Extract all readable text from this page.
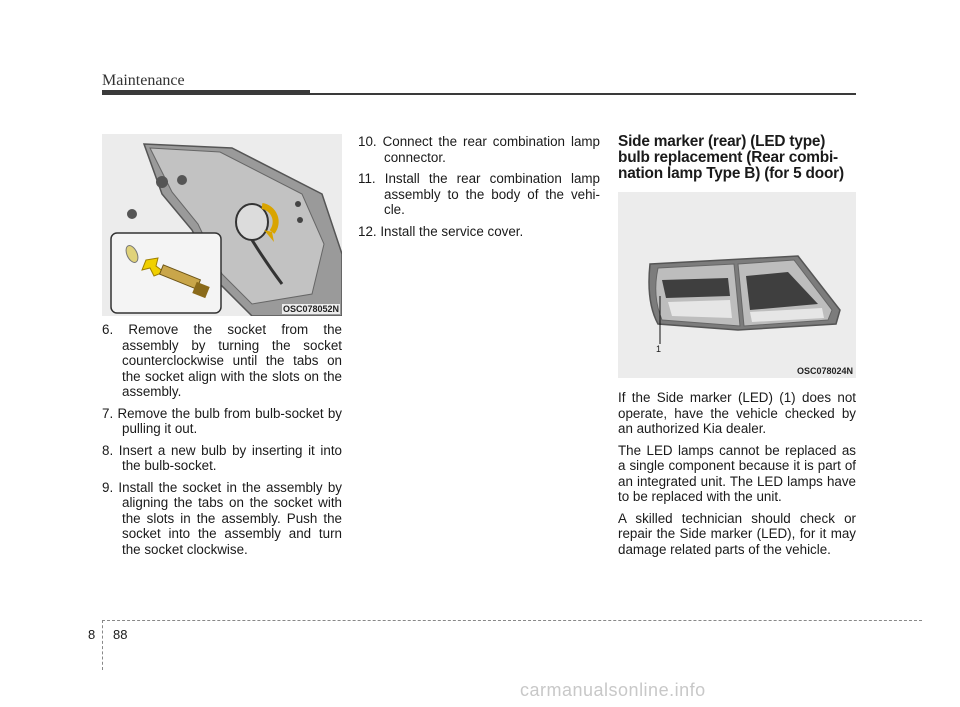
Maintenance
OSC078052N

6. Remove the socket from the assembly by turning the socket counterclockwise until the tabs on the socket align with the slots on the assembly.

7. Remove the bulb from bulb-socket by pulling it out.

8. Insert a new bulb by inserting it into the bulb-socket.

9. Install the socket in the assembly by aligning the tabs on the socket with the slots in the assembly. Push the socket into the assembly and turn the socket clockwise.

10. Connect the rear combination lamp connector.

11. Install the rear combination lamp assembly to the body of the vehi-cle.

12. Install the service cover.

Side marker (rear) (LED type) bulb replacement (Rear combi-nation lamp Type B) (for 5 door)

If the Side marker (LED) (1) does not operate, have the vehicle checked by an authorized Kia dealer.

The LED lamps cannot be replaced as a single component because it is part of an integrated unit. The LED lamps have to be replaced with the unit.

A skilled technician should check or repair the Side marker (LED), for it may damage related parts of the vehicle.

1
OSC078024N
8 88
carmanualsonline.info
